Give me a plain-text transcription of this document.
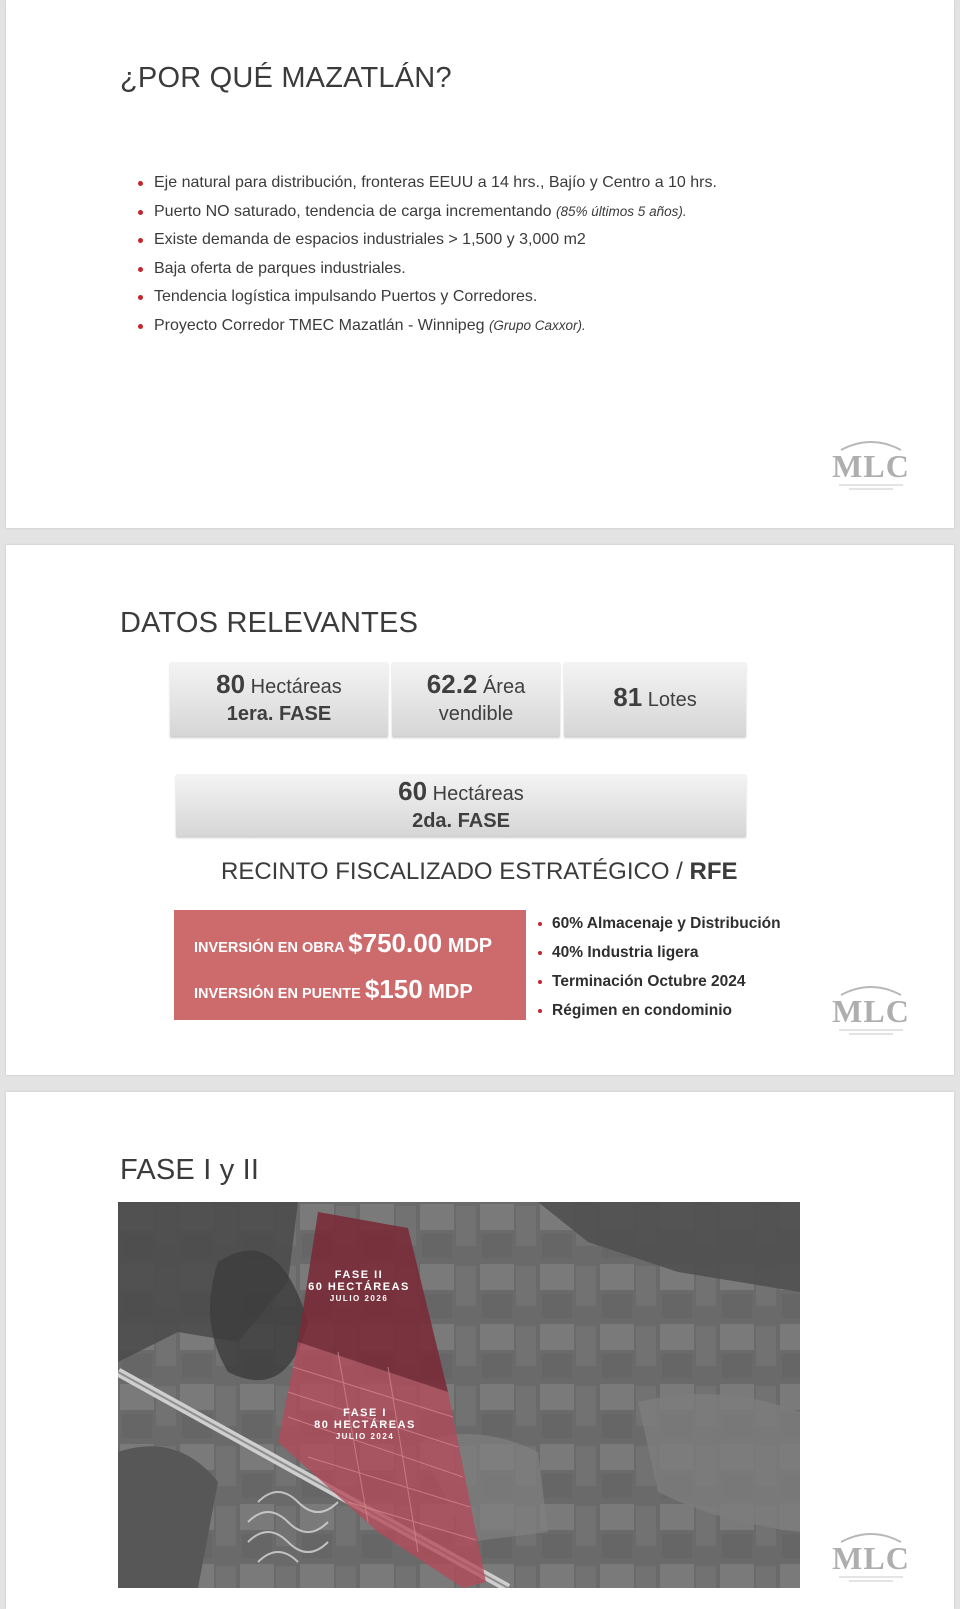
¿POR QUÉ MAZATLÁN?
Eje natural para distribución, fronteras EEUU a 14 hrs., Bajío y Centro a 10 hrs.
Puerto NO saturado, tendencia de carga incrementando (85% últimos 5 años).
Existe demanda de espacios industriales > 1,500 y 3,000 m2
Baja oferta de parques industriales.
Tendencia logística impulsando Puertos y Corredores.
Proyecto Corredor TMEC Mazatlán - Winnipeg (Grupo Caxxor).
MLC
DATOS RELEVANTES
80 Hectáreas
1era. FASE
62.2 Área
vendible
81 Lotes
60 Hectáreas
2da. FASE
RECINTO FISCALIZADO ESTRATÉGICO / RFE
INVERSIÓN EN OBRA $750.00 MDP
INVERSIÓN EN PUENTE $150 MDP
60% Almacenaje y Distribución
40% Industria ligera
Terminación Octubre 2024
Régimen en condominio	MLC
FASE I y II
FASE II
60 HECTÁREAS
JULIO 2026
FASE I
80 HECTÁREAS
JULIO 2024
MLC
